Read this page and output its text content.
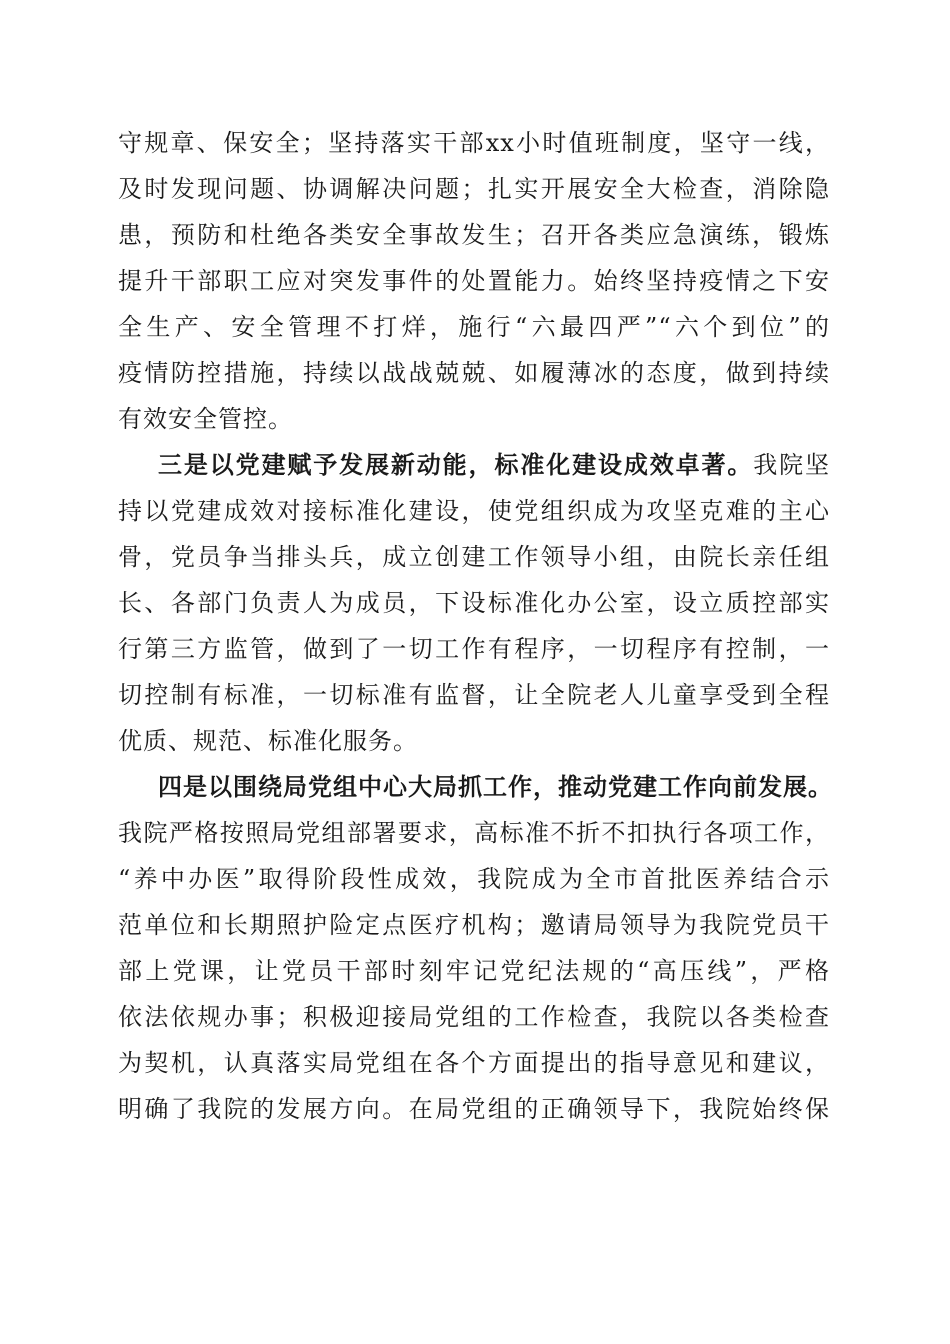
守规章、保安全；坚持落实干部xx小时值班制度，坚守一线，
及时发现问题、协调解决问题；扎实开展安全大检查，消除隐
患，预防和杜绝各类安全事故发生；召开各类应急演练，锻炼
提升干部职工应对突发事件的处置能力。始终坚持疫情之下安
全生产、安全管理不打烊，施行“六最四严”“六个到位”的
疫情防控措施，持续以战战兢兢、如履薄冰的态度，做到持续
有效安全管控。
三是以党建赋予发展新动能，标准化建设成效卓著。我院坚
持以党建成效对接标准化建设，使党组织成为攻坚克难的主心
骨，党员争当排头兵，成立创建工作领导小组，由院长亲任组
长、各部门负责人为成员，下设标准化办公室，设立质控部实
行第三方监管，做到了一切工作有程序，一切程序有控制，一
切控制有标准，一切标准有监督，让全院老人儿童享受到全程
优质、规范、标准化服务。
四是以围绕局党组中心大局抓工作，推动党建工作向前发展。
我院严格按照局党组部署要求，高标准不折不扣执行各项工作，
“养中办医”取得阶段性成效，我院成为全市首批医养结合示
范单位和长期照护险定点医疗机构；邀请局领导为我院党员干
部上党课，让党员干部时刻牢记党纪法规的“高压线”，严格
依法依规办事；积极迎接局党组的工作检查，我院以各类检查
为契机，认真落实局党组在各个方面提出的指导意见和建议，
明确了我院的发展方向。在局党组的正确领导下，我院始终保
